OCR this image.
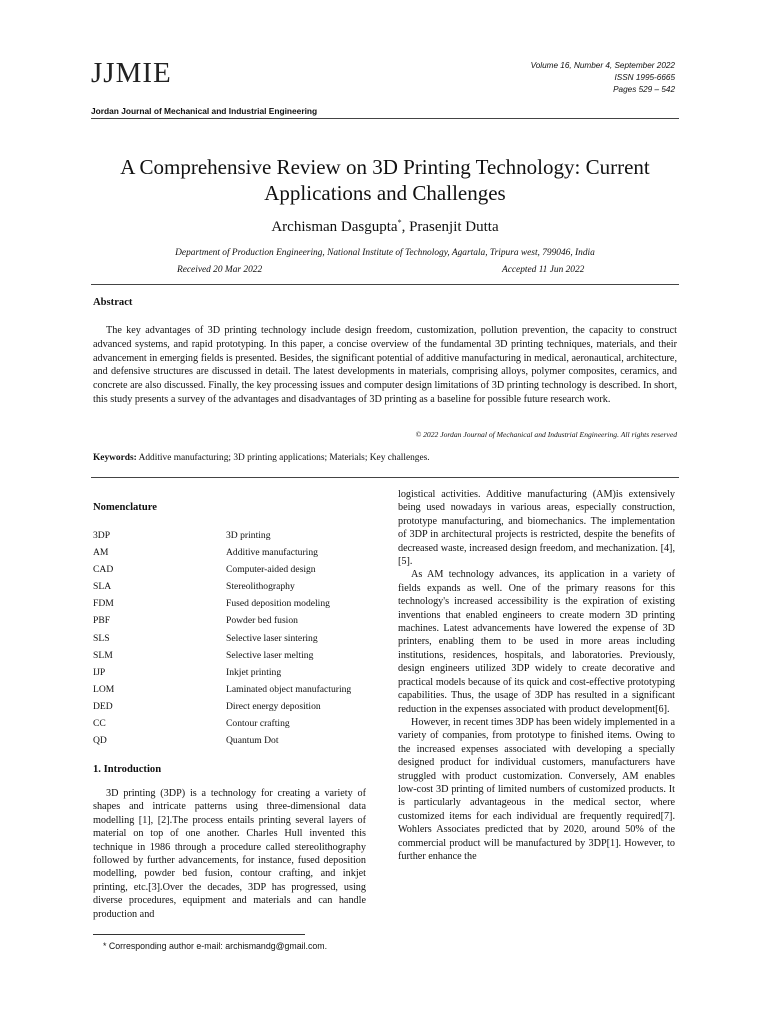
JJMIE	Volume 16, Number 4, September 2022
ISSN 1995-6665
Pages 529 – 542
Jordan Journal of Mechanical and Industrial Engineering
A Comprehensive Review on 3D Printing Technology: Current Applications and Challenges
Archisman Dasgupta*, Prasenjit Dutta
Department of Production Engineering, National Institute of Technology, Agartala, Tripura west, 799046, India
Received 20 Mar 2022	Accepted 11 Jun 2022
Abstract
The key advantages of 3D printing technology include design freedom, customization, pollution prevention, the capacity to construct advanced systems, and rapid prototyping. In this paper, a concise overview of the fundamental 3D printing techniques, materials, and their advancement in emerging fields is presented. Besides, the significant potential of additive manufacturing in medical, aeronautical, architecture, and defensive structures are discussed in detail. The latest developments in materials, comprising alloys, polymer composites, ceramics, and concrete are also discussed. Finally, the key processing issues and computer design limitations of 3D printing technology is described. In short, this study presents a survey of the advantages and disadvantages of 3D printing as a baseline for possible future research work.
© 2022 Jordan Journal of Mechanical and Industrial Engineering. All rights reserved
Keywords: Additive manufacturing; 3D printing applications; Materials; Key challenges.
Nomenclature
3DP	3D printing
AM	Additive manufacturing
CAD	Computer-aided design
SLA	Stereolithography
FDM	Fused deposition modeling
PBF	Powder bed fusion
SLS	Selective laser sintering
SLM	Selective laser melting
IJP	Inkjet printing
LOM	Laminated object manufacturing
DED	Direct energy deposition
CC	Contour crafting
QD	Quantum Dot
1. Introduction
3D printing (3DP) is a technology for creating a variety of shapes and intricate patterns using three-dimensional data modelling [1], [2].The process entails printing several layers of material on top of one another. Charles Hull invented this technique in 1986 through a procedure called stereolithography followed by further advancements, for instance, fused deposition modelling, powder bed fusion, contour crafting, and inkjet printing, etc.[3].Over the decades, 3DP has progressed, using diverse procedures, equipment and materials and can handle production and
* Corresponding author e-mail: archismandg@gmail.com.

logistical activities. Additive manufacturing (AM)is extensively being used nowadays in various areas, especially construction, prototype manufacturing, and biomechanics. The implementation of 3DP in architectural projects is restricted, despite the benefits of decreased waste, increased design freedom, and mechanization. [4], [5].

As AM technology advances, its application in a variety of fields expands as well. One of the primary reasons for this technology's increased accessibility is the expiration of existing inventions that enabled engineers to create modern 3D printing machines. Latest advancements have lowered the expense of 3D printers, enabling them to be used in more areas including institutions, residences, hospitals, and laboratories. Previously, design engineers utilized 3DP widely to create decorative and practical models because of its quick and cost-effective prototyping capabilities. Thus, the usage of 3DP has resulted in a significant reduction in the expenses associated with product development[6].

However, in recent times 3DP has been widely implemented in a variety of companies, from prototype to finished items. Owing to the increased expenses associated with developing a specially designed product for individual customers, manufacturers have struggled with product customization. Conversely, AM enables low-cost 3D printing of limited numbers of customized products. It is particularly advantageous in the medical sector, where customized items for each individual are frequently required[7]. Wohlers Associates predicted that by 2020, around 50% of the commercial product will be manufactured by 3DP[1]. However, to further enhance the
